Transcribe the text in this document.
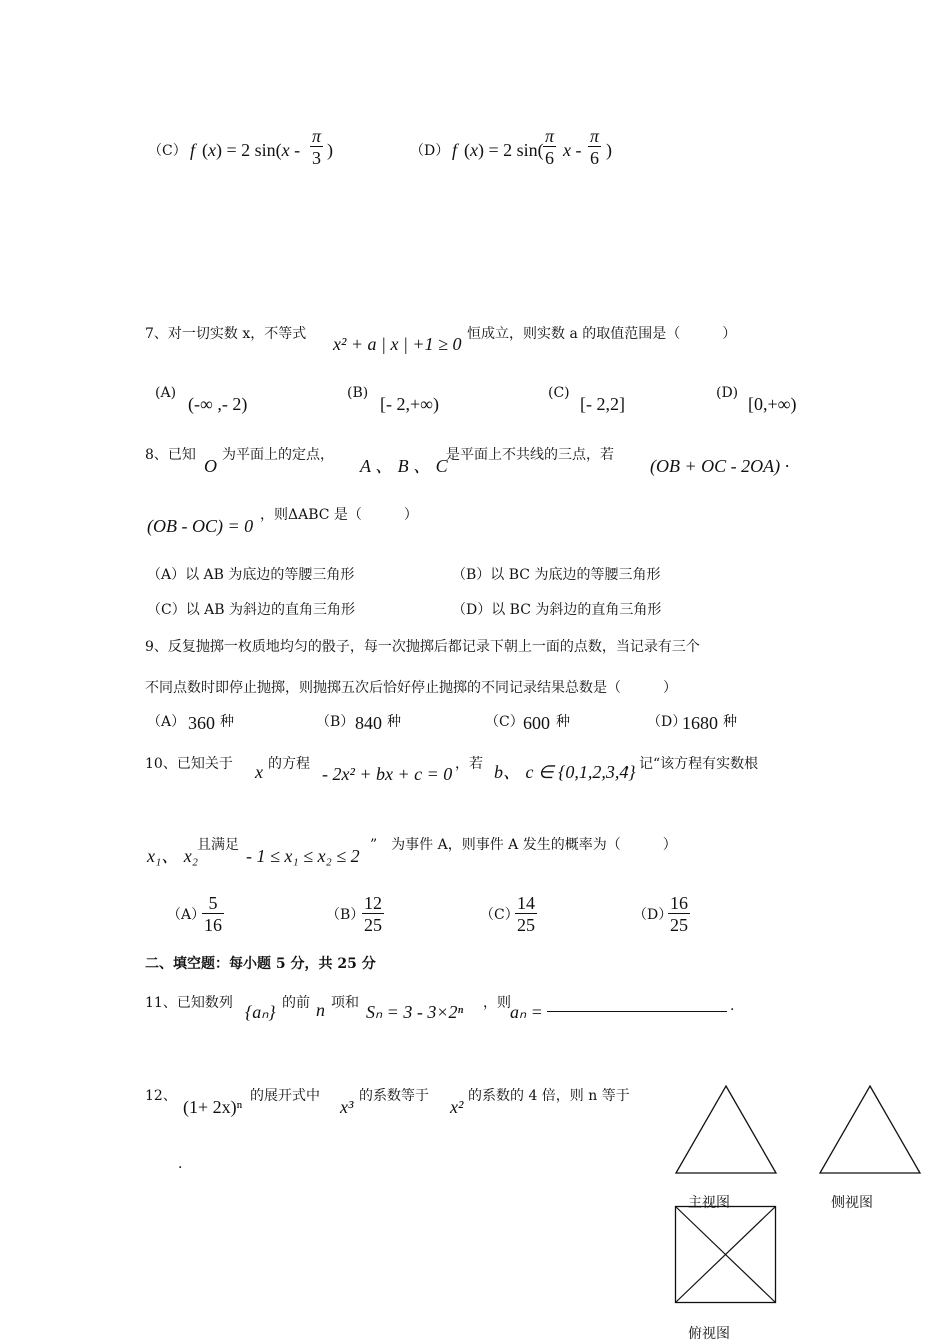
（C） f (x) = 2 $\sin(x - \frac{\pi}{3}$ )	（D） f (x) = 2 $\sin( \frac{\pi}{6}$ x - $\frac{\pi}{6}$ )
7、对一切实数 x，不等式 x² + a | x | +1 ≥ 0 恒成立，则实数 a 的取值范围是（　　　）
(A)
(-∞ ,- 2)
(B)
[- 2,+∞)
(C)
[- 2,2]
(D)
[0,+∞)
8、已知
O
为平面上的定点，
A 、 B 、 C
是平面上不共线的三点，若
(OB + OC - 2OA) ·
(OB - OC) = 0
，则ΔABC 是（　　　）
（A）以 AB 为底边的等腰三角形	（B）以 BC 为底边的等腰三角形
（C）以 AB 为斜边的直角三角形	（D）以 BC 为斜边的直角三角形
9、反复抛掷一枚质地均匀的骰子，每一次抛掷后都记录下朝上一面的点数，当记录有三个
不同点数时即停止抛掷，则抛掷五次后恰好停止抛掷的不同记录结果总数是（　　　）
（A） 360 种	（B） 840 种	（C） 600 种	（D）
1680 种
10、已知关于 x 的方程 - 2x² + bx + c = 0 ，若 b、 c ∈ {0,1,2,3,4}
，记“该方程有实数根
x₁、 x₂
且满足
- 1 ≤ x₁ ≤ x₂ ≤ 2
”　为事件 A，则事件 A 发生的概率为（　　　）
（A）
$\frac{5}{16}$	（B）
$\frac{12}{25}$	（C）
$\frac{14}{25}$	（D）
$\frac{16}{25}$
二、填空题：每小题 5 分，共 25 分
11、已知数列 {aₙ} 的前 n 项和 Sₙ = 3 - 3×2ⁿ ，则 aₙ =	.
12、
(1+ 2x)ⁿ
的展开式中
x³
的系数等于
x²
的系数的 4 倍，则 n 等于
.
主视图	侧视图
俯视图
